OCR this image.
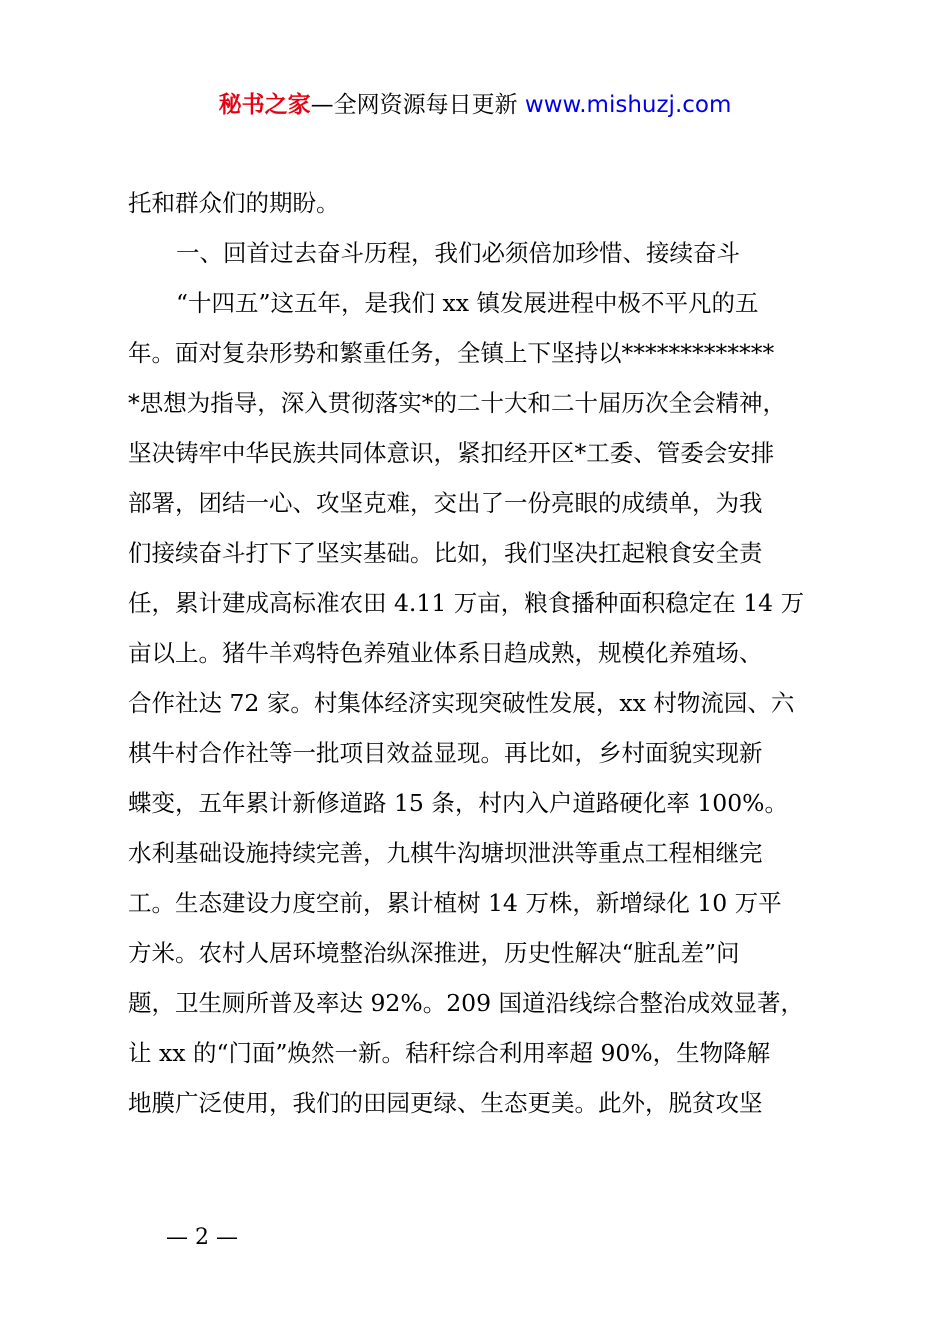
秘书之家—全网资源每日更新 www.mishuzj.com
托和群众们的期盼。
一、回首过去奋斗历程，我们必须倍加珍惜、接续奋斗
“十四五”这五年，是我们 xx 镇发展进程中极不平凡的五
年。面对复杂形势和繁重任务，全镇上下坚持以*************
*思想为指导，深入贯彻落实*的二十大和二十届历次全会精神，
坚决铸牢中华民族共同体意识，紧扣经开区*工委、管委会安排
部署，团结一心、攻坚克难，交出了一份亮眼的成绩单，为我
们接续奋斗打下了坚实基础。比如，我们坚决扛起粮食安全责
任，累计建成高标准农田 4.11 万亩，粮食播种面积稳定在 14 万
亩以上。猪牛羊鸡特色养殖业体系日趋成熟，规模化养殖场、
合作社达 72 家。村集体经济实现突破性发展，xx 村物流园、六
棋牛村合作社等一批项目效益显现。再比如，乡村面貌实现新
蝶变，五年累计新修道路 15 条，村内入户道路硬化率 100%。
水利基础设施持续完善，九棋牛沟塘坝泄洪等重点工程相继完
工。生态建设力度空前，累计植树 14 万株，新增绿化 10 万平
方米。农村人居环境整治纵深推进，历史性解决“脏乱差”问
题，卫生厕所普及率达 92%。209 国道沿线综合整治成效显著，
让 xx 的“门面”焕然一新。秸秆综合利用率超 90%，生物降解
地膜广泛使用，我们的田园更绿、生态更美。此外，脱贫攻坚
— 2 —
